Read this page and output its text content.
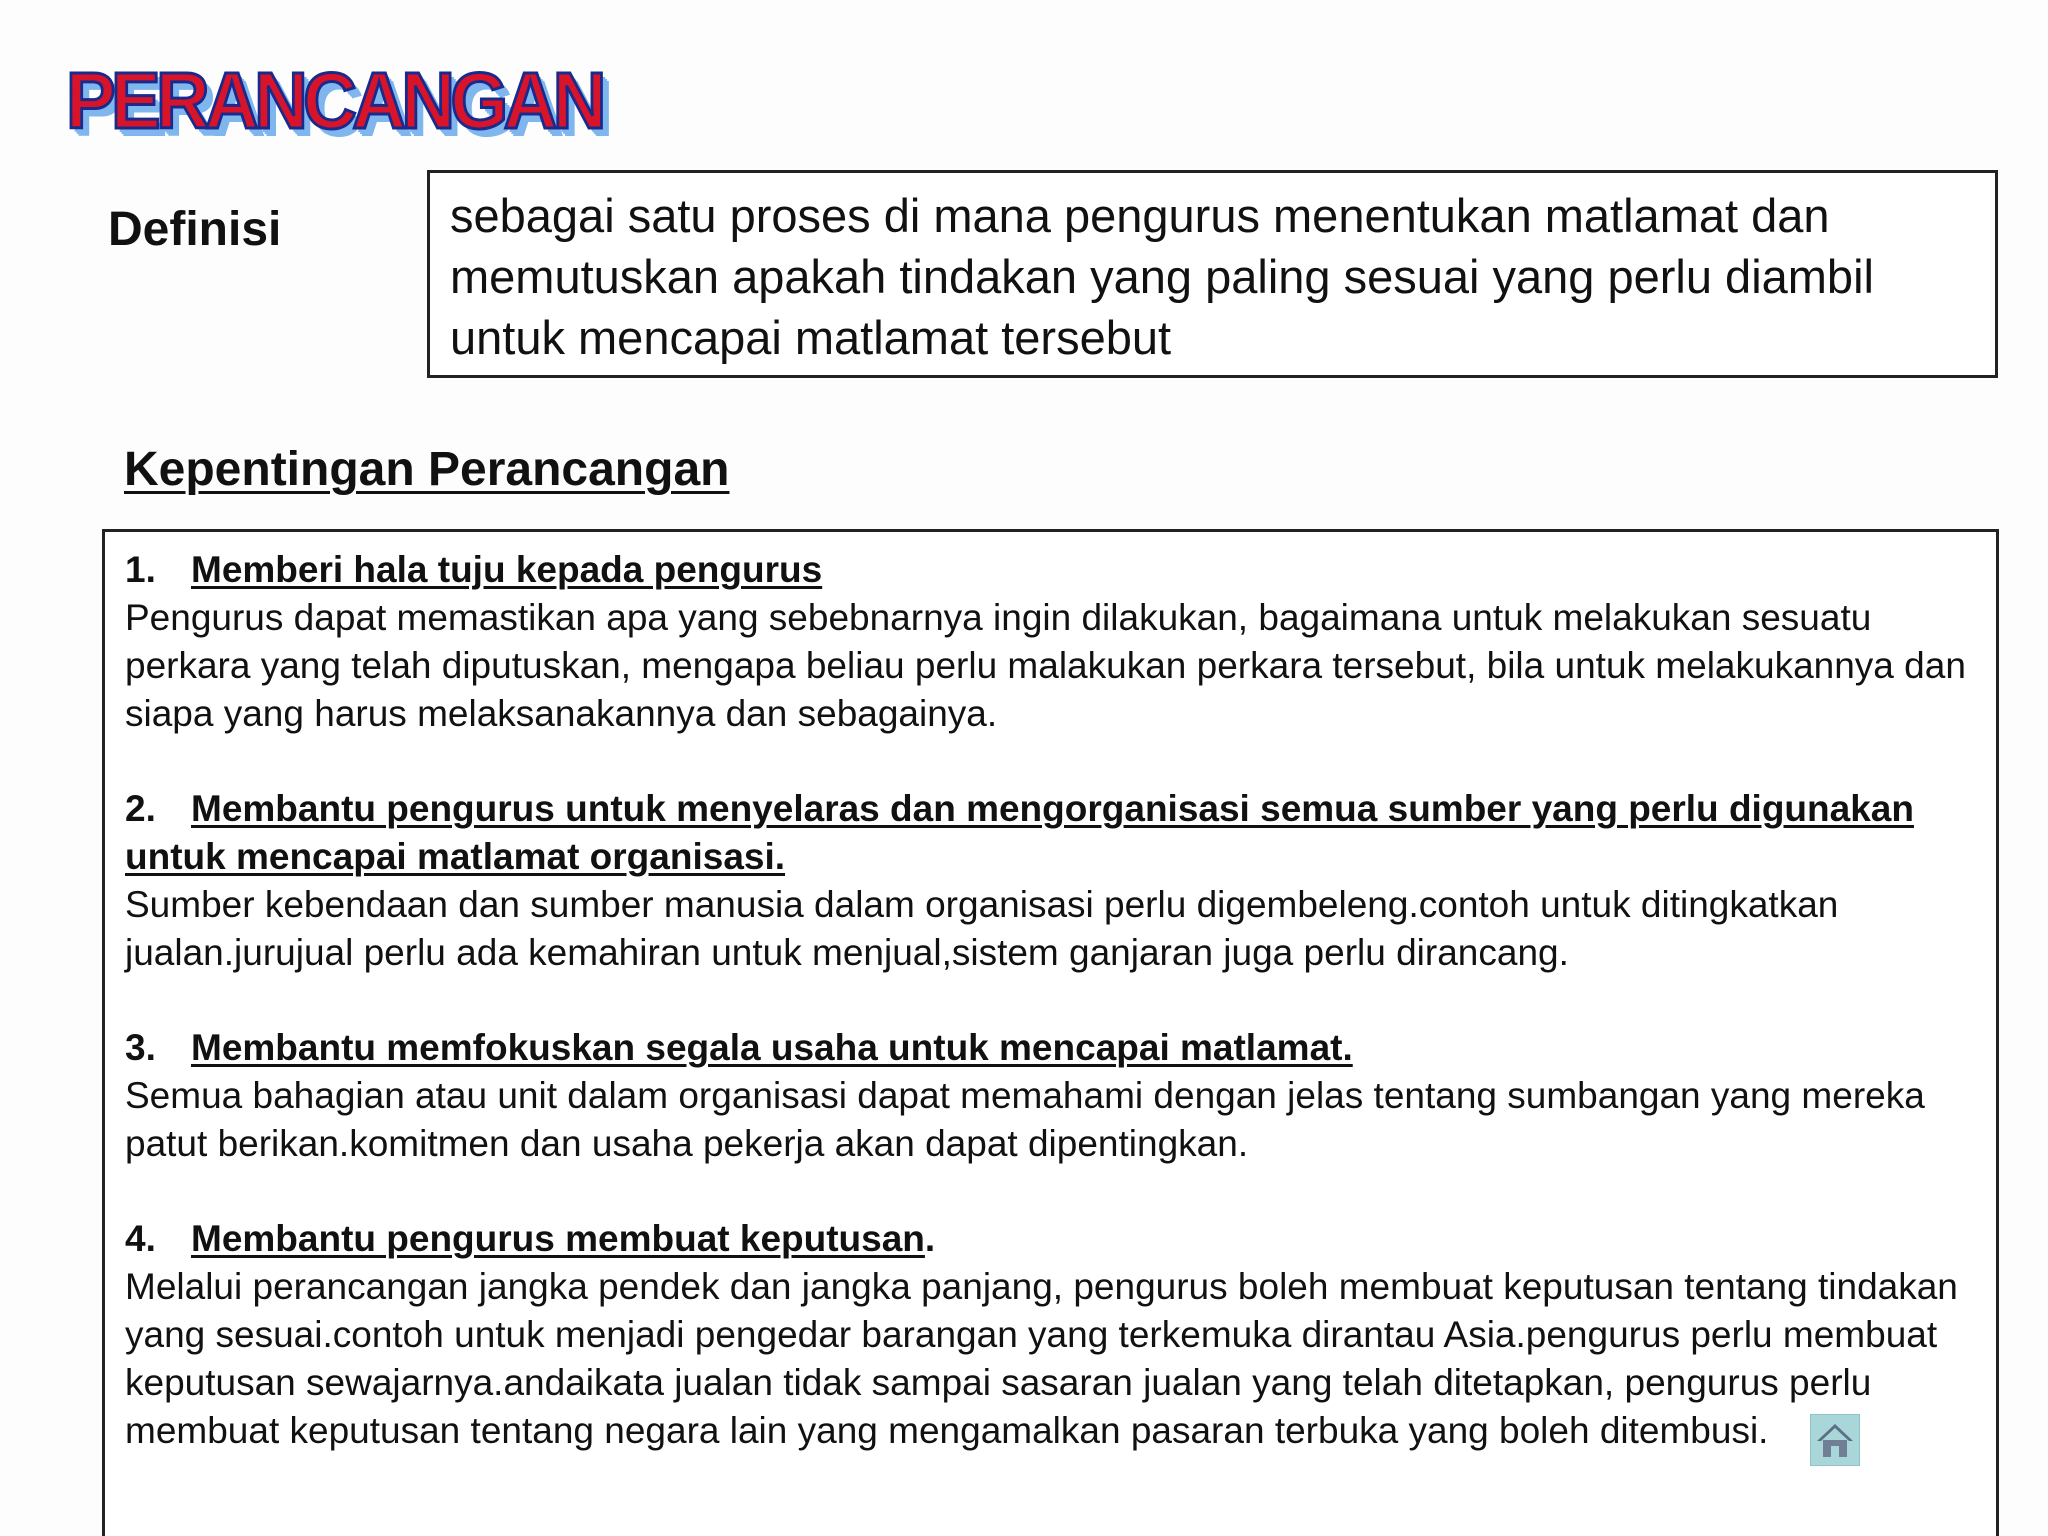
PERANCANGAN
Definisi	sebagai satu proses di mana pengurus menentukan matlamat dan memutuskan apakah tindakan yang paling sesuai yang perlu diambil untuk mencapai matlamat tersebut
Kepentingan Perancangan
1. Memberi hala tuju kepada pengurus
Pengurus dapat memastikan apa yang sebebnarnya ingin dilakukan, bagaimana untuk melakukan sesuatu perkara yang telah diputuskan, mengapa beliau perlu malakukan perkara tersebut, bila untuk melakukannya dan siapa yang harus melaksanakannya dan sebagainya.
2. Membantu pengurus untuk menyelaras dan mengorganisasi semua sumber yang perlu digunakan untuk mencapai matlamat organisasi.
Sumber kebendaan dan sumber manusia dalam organisasi perlu digembeleng.contoh untuk ditingkatkan jualan.jurujual perlu ada kemahiran untuk menjual,sistem ganjaran juga perlu dirancang.
3. Membantu memfokuskan segala usaha untuk mencapai matlamat.
Semua bahagian atau unit dalam organisasi dapat memahami dengan jelas tentang sumbangan yang mereka patut berikan.komitmen dan usaha pekerja akan dapat dipentingkan.
4. Membantu pengurus membuat keputusan.
Melalui perancangan jangka pendek dan jangka panjang, pengurus boleh membuat keputusan tentang tindakan yang sesuai.contoh untuk menjadi pengedar barangan yang terkemuka dirantau Asia.pengurus perlu membuat keputusan sewajarnya.andaikata jualan tidak sampai sasaran jualan yang telah ditetapkan, pengurus perlu membuat keputusan tentang negara lain yang mengamalkan pasaran terbuka yang boleh ditembusi.
